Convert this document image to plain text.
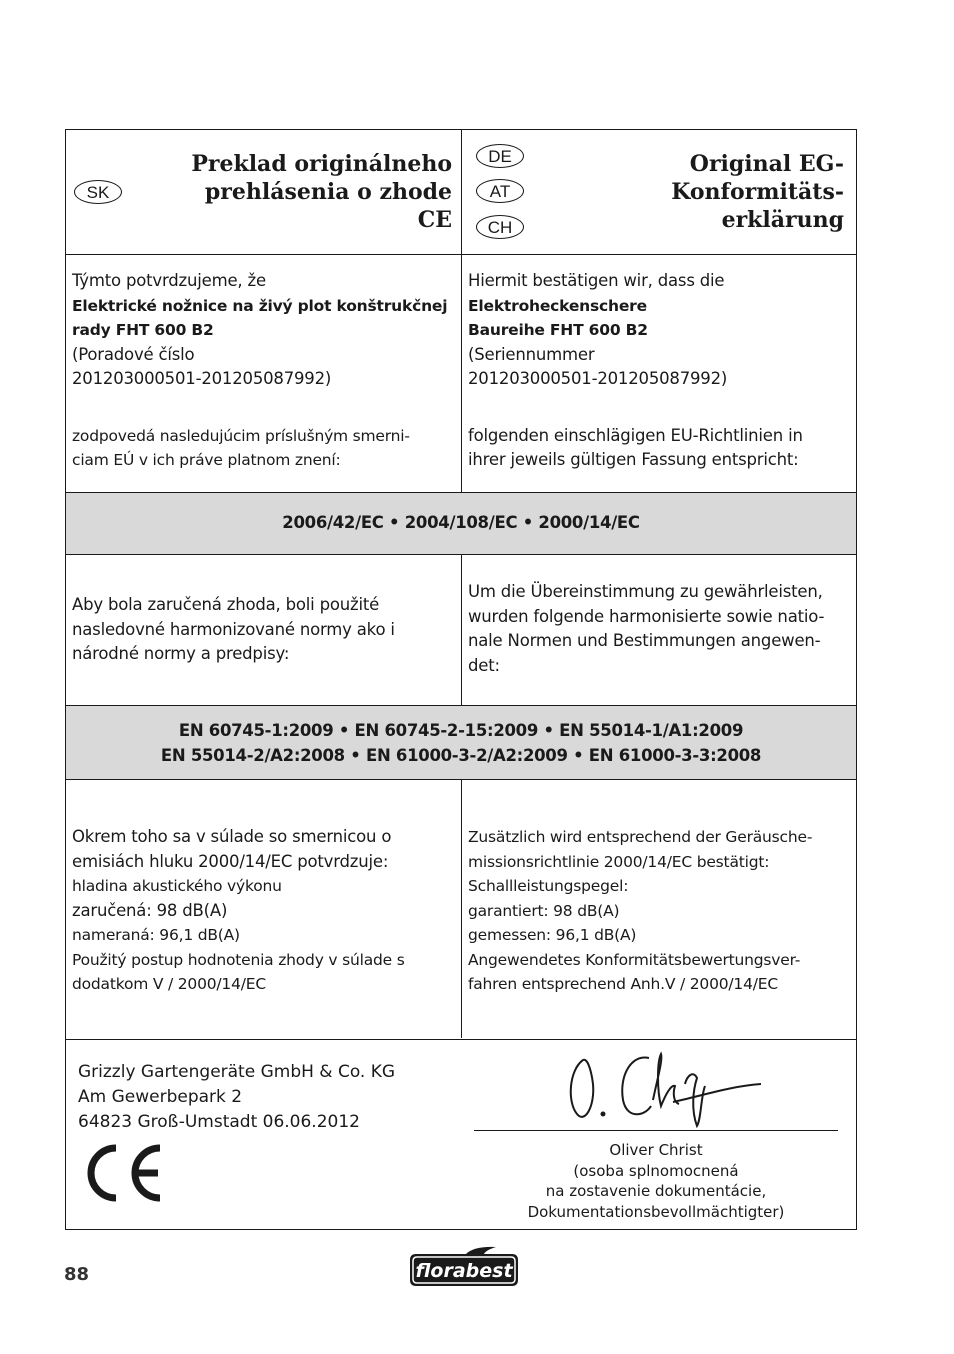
Preklad originálneho
prehlásenia o zhode
CE
SK
DE
AT
CH
Original EG-
Konformitäts-
erklärung

Týmto potvrdzujeme, že

Elektrické nožnice na živý plot konštrukčnej

rady FHT 600 B2

(Poradové číslo

201203000501-201205087992)

zodpovedá nasledujúcim príslušným smerni-

ciam EÚ v ich práve platnom znení:

Hiermit bestätigen wir, dass die

Elektroheckenschere

Baureihe FHT 600 B2

(Seriennummer

201203000501-201205087992)

folgenden einschlägigen EU-Richtlinien in

ihrer jeweils gültigen Fassung entspricht:

2006/42/EC • 2004/108/EC • 2000/14/EC

Aby bola zaručená zhoda, boli použité

nasledovné harmonizované normy ako i

národné normy a predpisy:

Um die Übereinstimmung zu gewährleisten,

wurden folgende harmonisierte sowie natio-

nale Normen und Bestimmungen angewen-

det:

EN 60745-1:2009 • EN 60745-2-15:2009 • EN 55014-1/A1:2009
EN 55014-2/A2:2008 • EN 61000-3-2/A2:2009 • EN 61000-3-3:2008

Okrem toho sa v súlade so smernicou o

emisiách hluku 2000/14/EC potvrdzuje:

hladina akustického výkonu

zaručená: 98 dB(A)

nameraná: 96,1 dB(A)

Použitý postup hodnotenia zhody v súlade s

dodatkom V / 2000/14/EC

Zusätzlich wird entsprechend der Geräusche-

missionsrichtlinie 2000/14/EC bestätigt:

Schallleistungspegel:

garantiert: 98 dB(A)

gemessen: 96,1 dB(A)

Angewendetes Konformitätsbewertungsver-

fahren entsprechend Anh.V / 2000/14/EC

Grizzly Gartengeräte GmbH & Co. KG
Am Gewerbepark 2
64823 Groß-Umstadt 06.06.2012
Oliver Christ
(osoba splnomocnená
na zostavenie dokumentácie,
Dokumentationsbevollmächtigter)
88	florabest
